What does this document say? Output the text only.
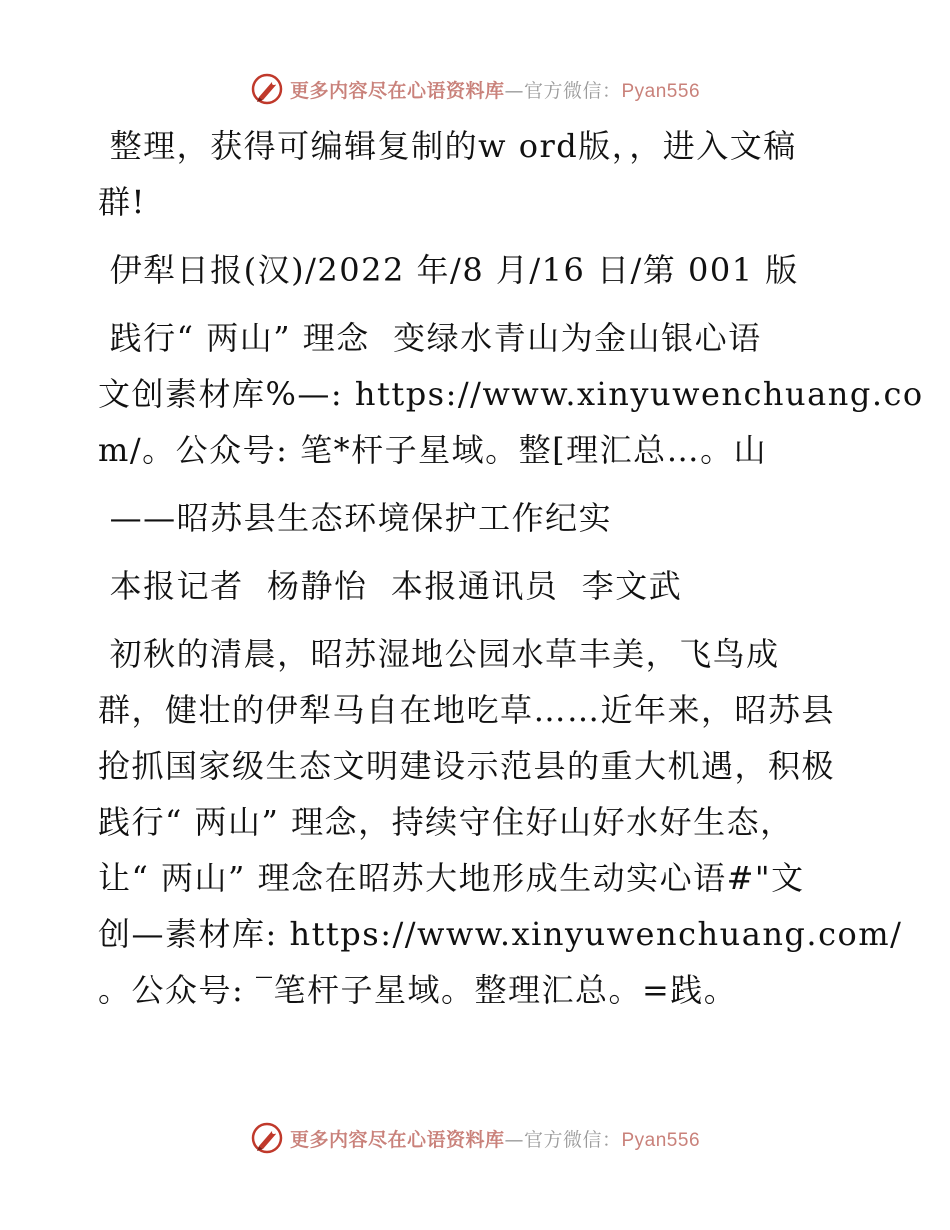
更多内容尽在心语资料库—官方微信：Pyan556
整理，获得可编辑复制的w ord版，，进入文稿
群!
伊犁日报(汉)/2022 年/8 月/16 日/第 001 版
践行“ 两山” 理念  变绿水青山为金山银心语
文创素材库%—: https://www.xinyuwenchuang.co
m/。公众号: 笔*杆子星域。整[理汇总…。山
——昭苏县生态环境保护工作纪实
本报记者  杨静怡  本报通讯员  李文武
初秋的清晨，昭苏湿地公园水草丰美，飞鸟成
群，健壮的伊犁马自在地吃草……近年来，昭苏县
抢抓国家级生态文明建设示范县的重大机遇，积极
践行“ 两山” 理念，持续守住好山好水好生态，
让“ 两山” 理念在昭苏大地形成生动实心语#"文
创—素材库: https://www.xinyuwenchuang.com/
。公众号: ‾笔杆子星域。整理汇总。=践。
更多内容尽在心语资料库—官方微信：Pyan556
